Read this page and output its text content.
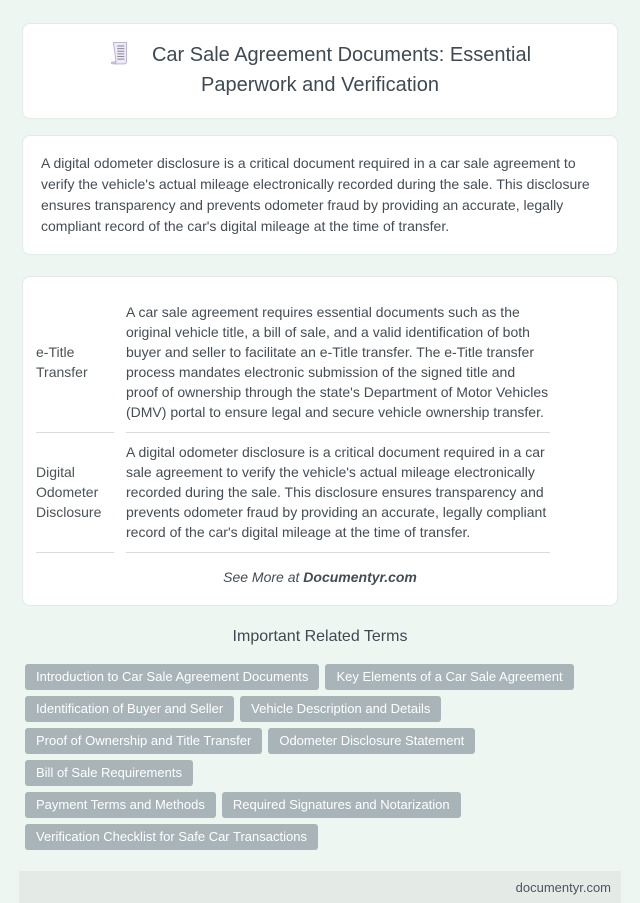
Car Sale Agreement Documents: Essential Paperwork and Verification

A digital odometer disclosure is a critical document required in a car sale agreement to verify the vehicle's actual mileage electronically recorded during the sale. This disclosure ensures transparency and prevents odometer fraud by providing an accurate, legally compliant record of the car's digital mileage at the time of transfer.

e-Title Transfer
A car sale agreement requires essential documents such as the original vehicle title, a bill of sale, and a valid identification of both buyer and seller to facilitate an e-Title transfer. The e-Title transfer process mandates electronic submission of the signed title and proof of ownership through the state's Department of Motor Vehicles (DMV) portal to ensure legal and secure vehicle ownership transfer.
Digital Odometer Disclosure
A digital odometer disclosure is a critical document required in a car sale agreement to verify the vehicle's actual mileage electronically recorded during the sale. This disclosure ensures transparency and prevents odometer fraud by providing an accurate, legally compliant record of the car's digital mileage at the time of transfer.

See More at Documentyr.com

Important Related Terms
Introduction to Car Sale Agreement Documents	Key Elements of a Car Sale Agreement
Identification of Buyer and Seller	Vehicle Description and Details
Proof of Ownership and Title Transfer	Odometer Disclosure Statement
Bill of Sale Requirements
Payment Terms and Methods	Required Signatures and Notarization
Verification Checklist for Safe Car Transactions
documentyr.com
